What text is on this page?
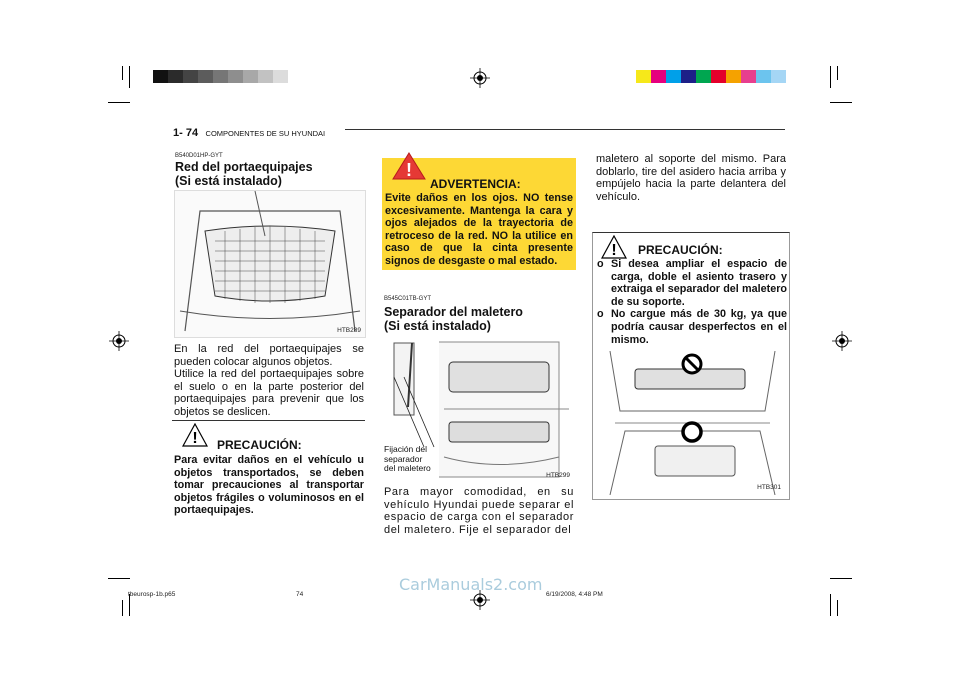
1- 74 COMPONENTES DE SU HYUNDAI
B540D01HP-GYT
Red del portaequipajes
(Si está instalado)
HTB289
En la red del portaequipajes se pueden colocar algunos objetos.
Utilice la red del portaequipajes sobre el suelo o en la parte posterior del portaequipajes para prevenir que los objetos se deslicen.
! PRECAUCIÓN:
Para evitar daños en el vehículo u objetos transportados, se deben tomar precauciones al transportar objetos frágiles o voluminosos en el portaequipajes.
!
ADVERTENCIA:
Evite daños en los ojos. NO tense excesivamente. Mantenga la cara y ojos alejados de la trayectoria de retroceso de la red. NO la utilice en caso de que la cinta presente signos de desgaste o mal estado.
B545C01TB-GYT
Separador del maletero
(Si está instalado)
Fijación del
separador
del maletero
HTB299
Para mayor comodidad, en su vehículo Hyundai puede separar el espacio de carga con el separador del maletero. Fije el separador del
maletero al soporte del mismo. Para doblarlo, tire del asidero hacia arriba y empújelo hacia la parte delantera del vehículo.
! PRECAUCIÓN:
o Si desea ampliar el espacio de carga, doble el asiento trasero y extraiga el separador del maletero de su soporte.
o No cargue más de 30 kg, ya que podría causar desperfectos en el mismo.
HTB301
tbeurosp-1b.p65	74	6/19/2008, 4:48 PM
CarManuals2.com
